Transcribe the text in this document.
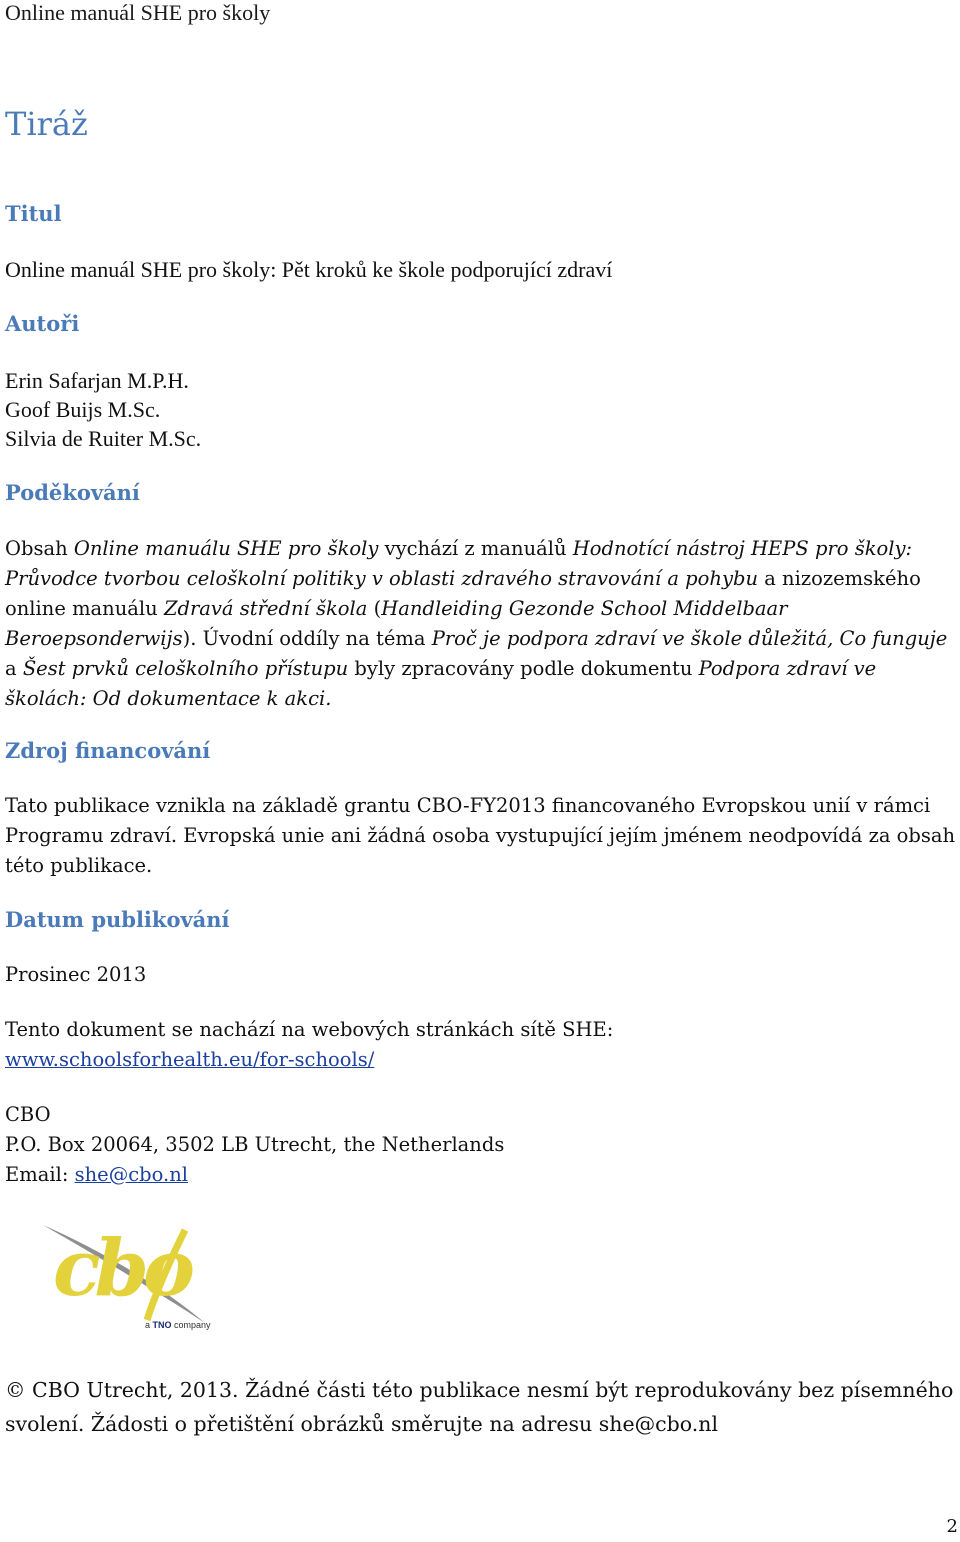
Online manuál SHE pro školy
Tiráž
Titul
Online manuál SHE pro školy: Pět kroků ke škole podporující zdraví
Autoři
Erin Safarjan M.P.H.
Goof Buijs M.Sc.
Silvia de Ruiter M.Sc.
Poděkování
Obsah Online manuálu SHE pro školy vychází z manuálů Hodnotící nástroj HEPS pro školy: Průvodce tvorbou celoškolní politiky v oblasti zdravého stravování a pohybu a nizozemského online manuálu Zdravá střední škola (Handleiding Gezonde School Middelbaar Beroepsonderwijs). Úvodní oddíly na téma Proč je podpora zdraví ve škole důležitá, Co funguje a Šest prvků celoškolního přístupu byly zpracovány podle dokumentu Podpora zdraví ve školách: Od dokumentace k akci.
Zdroj financování
Tato publikace vznikla na základě grantu CBO-FY2013 financovaného Evropskou unií v rámci Programu zdraví. Evropská unie ani žádná osoba vystupující jejím jménem neodpovídá za obsah této publikace.
Datum publikování
Prosinec 2013
Tento dokument se nachází na webových stránkách sítě SHE:
www.schoolsforhealth.eu/for-schools/
CBO
P.O. Box 20064, 3502 LB Utrecht, the Netherlands
Email: she@cbo.nl
cbo
a TNO company
© CBO Utrecht, 2013. Žádné části této publikace nesmí být reprodukovány bez písemného svolení. Žádosti o přetištění obrázků směrujte na adresu she@cbo.nl
2
